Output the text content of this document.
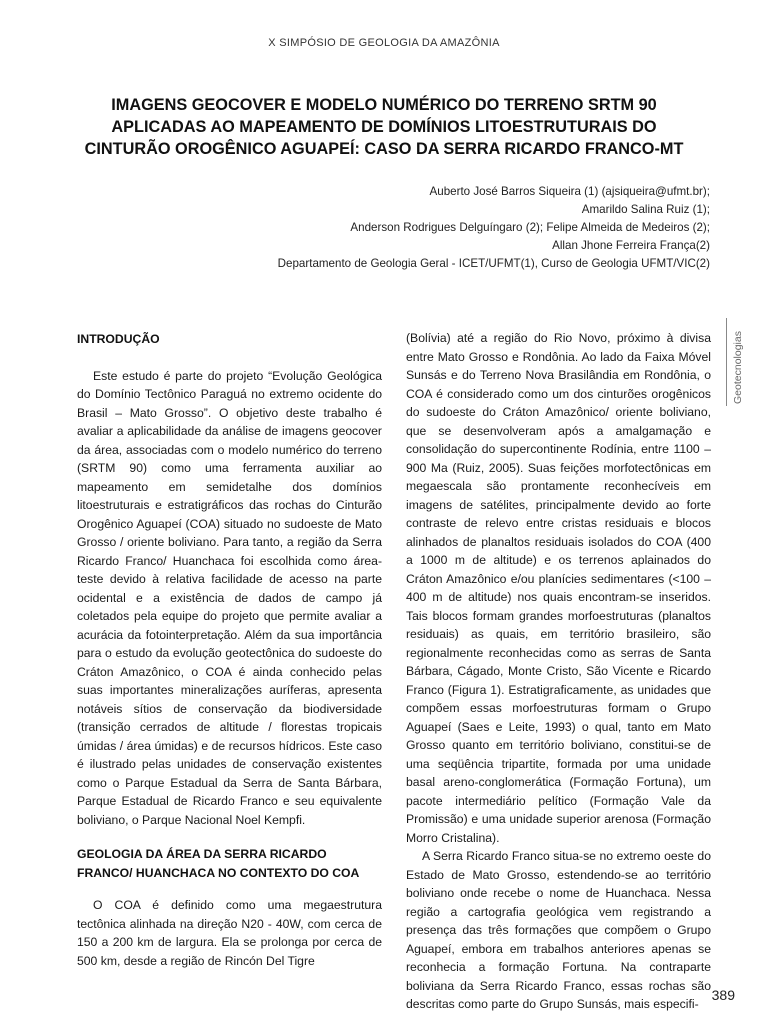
X SIMPÓSIO DE GEOLOGIA DA AMAZÔNIA
IMAGENS GEOCOVER E MODELO NUMÉRICO DO TERRENO SRTM 90
APLICADAS AO MAPEAMENTO DE DOMÍNIOS LITOESTRUTURAIS DO
CINTURÃO OROGÊNICO AGUAPEÍ: CASO DA SERRA RICARDO FRANCO-MT
Auberto José Barros Siqueira (1) (ajsiqueira@ufmt.br);
Amarildo Salina Ruiz (1);
Anderson Rodrigues Delguíngaro (2); Felipe Almeida de Medeiros (2);
Allan Jhone Ferreira França(2)
Departamento de Geologia Geral - ICET/UFMT(1), Curso de Geologia UFMT/VIC(2)
INTRODUÇÃO

Este estudo é parte do projeto “Evolução Geológica do Domínio Tectônico Paraguá no extremo ocidente do Brasil – Mato Grosso”. O objetivo deste trabalho é avaliar a aplicabilidade da análise de imagens geocover da área, associadas com o modelo numérico do terreno (SRTM 90) como uma ferramenta auxiliar ao mapeamento em semidetalhe dos domínios litoestruturais e estratigráficos das rochas do Cinturão Orogênico Aguapeí (COA) situado no sudoeste de Mato Grosso / oriente boliviano. Para tanto, a região da Serra Ricardo Franco/ Huanchaca foi escolhida como área-teste devido à relativa facilidade de acesso na parte ocidental e a existência de dados de campo já coletados pela equipe do projeto que permite avaliar a acurácia da fotointerpretação. Além da sua importância para o estudo da evolução geotectônica do sudoeste do Cráton Amazônico, o COA é ainda conhecido pelas suas importantes mineralizações auríferas, apresenta notáveis sítios de conservação da biodiversidade (transição cerrados de altitude / florestas tropicais úmidas / área úmidas) e de recursos hídricos. Este caso é ilustrado pelas unidades de conservação existentes como o Parque Estadual da Serra de Santa Bárbara, Parque Estadual de Ricardo Franco e seu equivalente boliviano, o Parque Nacional Noel Kempfi.

GEOLOGIA DA ÁREA DA SERRA RICARDO FRANCO/ HUANCHACA NO CONTEXTO DO COA

O COA é definido como uma megaestrutura tectônica alinhada na direção N20 - 40W, com cerca de 150 a 200 km de largura. Ela se prolonga por cerca de 500 km, desde a região de Rincón Del Tigre

(Bolívia) até a região do Rio Novo, próximo à divisa entre Mato Grosso e Rondônia. Ao lado da Faixa Móvel Sunsás e do Terreno Nova Brasilândia em Rondônia, o COA é considerado como um dos cinturões orogênicos do sudoeste do Cráton Amazônico/ oriente boliviano, que se desenvolveram após a amalgamação e consolidação do supercontinente Rodínia, entre 1100 – 900 Ma (Ruiz, 2005). Suas feições morfotectônicas em megaescala são prontamente reconhecíveis em imagens de satélites, principalmente devido ao forte contraste de relevo entre cristas residuais e blocos alinhados de planaltos residuais isolados do COA (400 a 1000 m de altitude) e os terrenos aplainados do Cráton Amazônico e/ou planícies sedimentares (<100 – 400 m de altitude) nos quais encontram-se inseridos. Tais blocos formam grandes morfoestruturas (planaltos residuais) as quais, em território brasileiro, são regionalmente reconhecidas como as serras de Santa Bárbara, Cágado, Monte Cristo, São Vicente e Ricardo Franco (Figura 1). Estratigraficamente, as unidades que compõem essas morfoestruturas formam o Grupo Aguapeí (Saes e Leite, 1993) o qual, tanto em Mato Grosso quanto em território boliviano, constitui-se de uma seqüência tripartite, formada por uma unidade basal areno-conglomerática (Formação Fortuna), um pacote intermediário pelítico (Formação Vale da Promissão) e uma unidade superior arenosa (Formação Morro Cristalina).

A Serra Ricardo Franco situa-se no extremo oeste do Estado de Mato Grosso, estendendo-se ao território boliviano onde recebe o nome de Huanchaca. Nessa região a cartografia geológica vem registrando a presença das três formações que compõem o Grupo Aguapeí, embora em trabalhos anteriores apenas se reconhecia a formação Fortuna. Na contraparte boliviana da Serra Ricardo Franco, essas rochas são descritas como parte do Grupo Sunsás, mais especifi-

Geotecnologias
389
